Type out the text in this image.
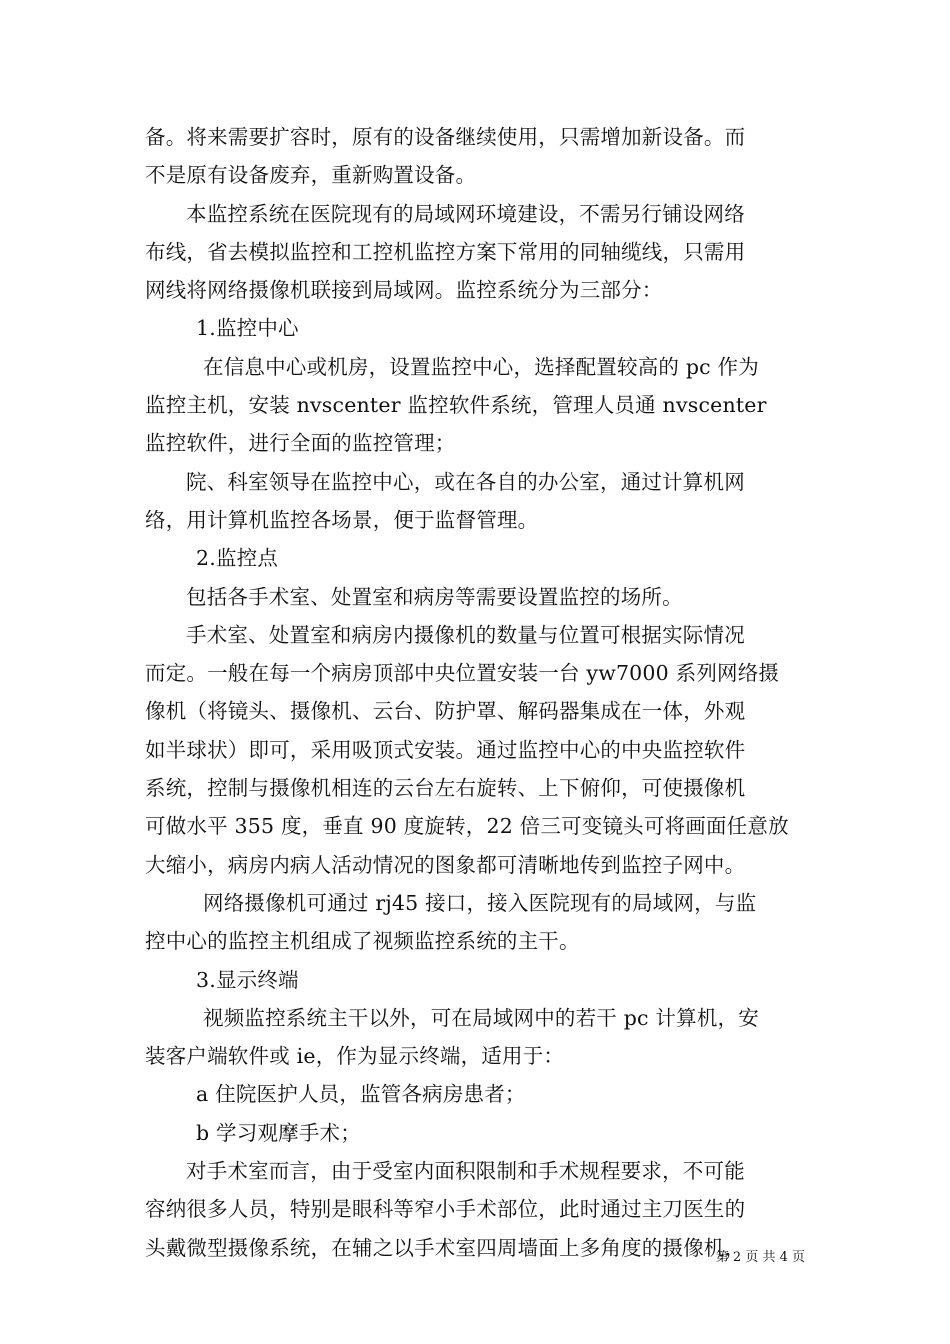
备。将来需要扩容时，原有的设备继续使用，只需增加新设备。而
不是原有设备废弃，重新购置设备。
本监控系统在医院现有的局域网环境建设，不需另行铺设网络
布线，省去模拟监控和工控机监控方案下常用的同轴缆线，只需用
网线将网络摄像机联接到局域网。监控系统分为三部分：
1.监控中心
在信息中心或机房，设置监控中心，选择配置较高的 pc 作为
监控主机，安装 nvscenter 监控软件系统，管理人员通 nvscenter
监控软件，进行全面的监控管理；
院、科室领导在监控中心，或在各自的办公室，通过计算机网
络，用计算机监控各场景，便于监督管理。
2.监控点
包括各手术室、处置室和病房等需要设置监控的场所。
手术室、处置室和病房内摄像机的数量与位置可根据实际情况
而定。一般在每一个病房顶部中央位置安装一台 yw7000 系列网络摄
像机（将镜头、摄像机、云台、防护罩、解码器集成在一体，外观
如半球状）即可，采用吸顶式安装。通过监控中心的中央监控软件
系统，控制与摄像机相连的云台左右旋转、上下俯仰，可使摄像机
可做水平 355 度，垂直 90 度旋转，22 倍三可变镜头可将画面任意放
大缩小，病房内病人活动情况的图象都可清晰地传到监控子网中。
网络摄像机可通过 rj45 接口，接入医院现有的局域网，与监
控中心的监控主机组成了视频监控系统的主干。
3.显示终端
视频监控系统主干以外，可在局域网中的若干 pc 计算机，安
装客户端软件或 ie，作为显示终端，适用于：
a 住院医护人员，监管各病房患者；
b 学习观摩手术；
对手术室而言，由于受室内面积限制和手术规程要求，不可能
容纳很多人员，特别是眼科等窄小手术部位，此时通过主刀医生的
头戴微型摄像系统，在辅之以手术室四周墙面上多角度的摄像机，
第 2 页 共 4 页
